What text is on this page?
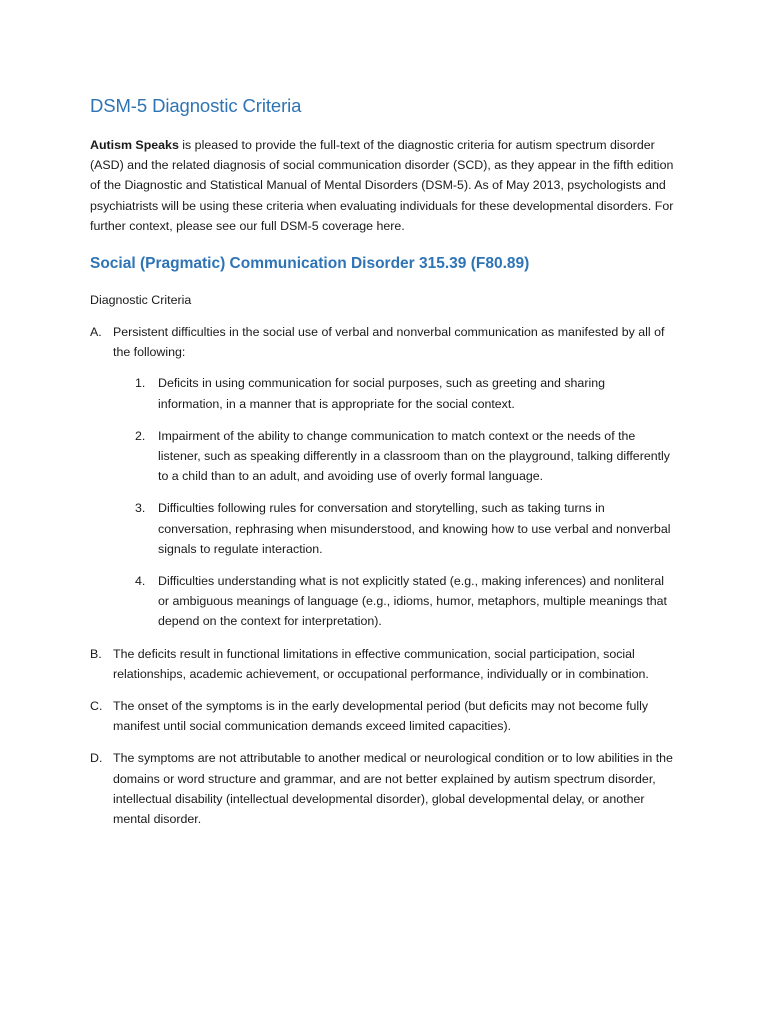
DSM-5 Diagnostic Criteria

Autism Speaks is pleased to provide the full-text of the diagnostic criteria for autism spectrum disorder (ASD) and the related diagnosis of social communication disorder (SCD), as they appear in the fifth edition of the Diagnostic and Statistical Manual of Mental Disorders (DSM-5). As of May 2013, psychologists and psychiatrists will be using these criteria when evaluating individuals for these developmental disorders. For further context, please see our full DSM-5 coverage here.

Social (Pragmatic) Communication Disorder 315.39 (F80.89)
Diagnostic Criteria
A. Persistent difficulties in the social use of verbal and nonverbal communication as manifested by all of the following:
1. Deficits in using communication for social purposes, such as greeting and sharing information, in a manner that is appropriate for the social context.
2. Impairment of the ability to change communication to match context or the needs of the listener, such as speaking differently in a classroom than on the playground, talking differently to a child than to an adult, and avoiding use of overly formal language.
3. Difficulties following rules for conversation and storytelling, such as taking turns in conversation, rephrasing when misunderstood, and knowing how to use verbal and nonverbal signals to regulate interaction.
4. Difficulties understanding what is not explicitly stated (e.g., making inferences) and nonliteral or ambiguous meanings of language (e.g., idioms, humor, metaphors, multiple meanings that depend on the context for interpretation).
B. The deficits result in functional limitations in effective communication, social participation, social relationships, academic achievement, or occupational performance, individually or in combination.
C. The onset of the symptoms is in the early developmental period (but deficits may not become fully manifest until social communication demands exceed limited capacities).
D. The symptoms are not attributable to another medical or neurological condition or to low abilities in the domains or word structure and grammar, and are not better explained by autism spectrum disorder, intellectual disability (intellectual developmental disorder), global developmental delay, or another mental disorder.
